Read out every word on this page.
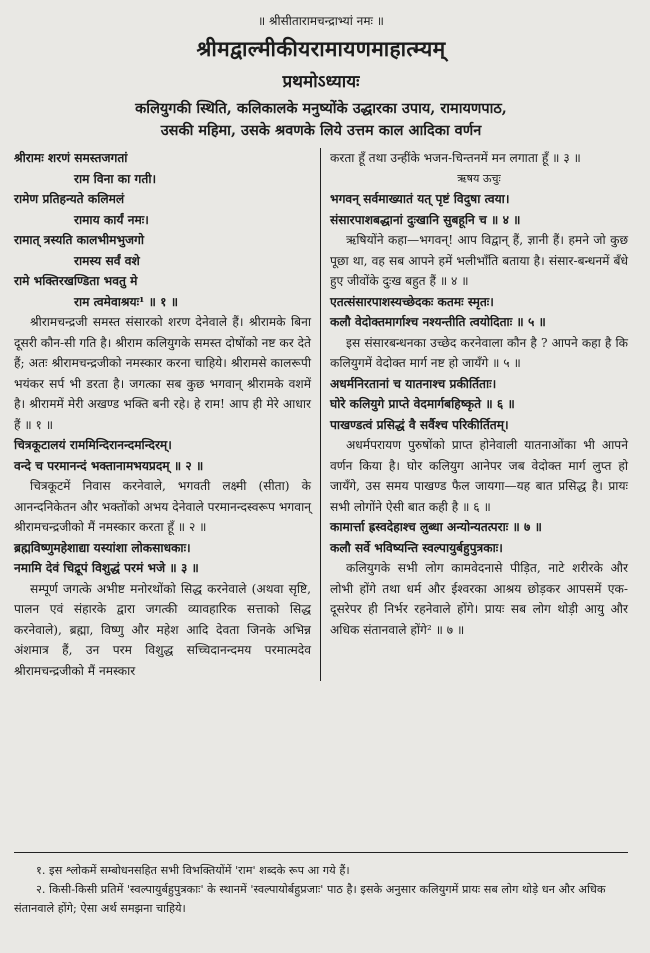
॥ श्रीसीतारामचन्द्राभ्यां नमः ॥
श्रीमद्वाल्मीकीयरामायणमाहात्म्यम्
प्रथमोऽध्यायः
कलियुगकी स्थिति, कलिकालके मनुष्योंके उद्धारका उपाय, रामायणपाठ,
उसकी महिमा, उसके श्रवणके लिये उत्तम काल आदिका वर्णन
श्रीरामः शरणं समस्तजगतां
राम विना का गती।
रामेण प्रतिहन्यते कलिमलं
रामाय कार्यं नमः।
रामात् त्रस्यति कालभीमभुजगो
रामस्य सर्वं वशे
रामे भक्तिरखण्डिता भवतु मे
राम त्वमेवाश्रयः¹ ॥ १ ॥

श्रीरामचन्द्रजी समस्त संसारको शरण देनेवाले हैं। श्रीरामके बिना दूसरी कौन-सी गति है। श्रीराम कलियुगके समस्त दोषोंको नष्ट कर देते हैं; अतः श्रीरामचन्द्रजीको नमस्कार करना चाहिये। श्रीरामसे कालरूपी भयंकर सर्प भी डरता है। जगत्का सब कुछ भगवान् श्रीरामके वशमें है। श्रीराममें मेरी अखण्ड भक्ति बनी रहे। हे राम! आप ही मेरे आधार हैं ॥ १ ॥

चित्रकूटालयं राममिन्दिरानन्दमन्दिरम्।
वन्दे च परमानन्दं भक्तानामभयप्रदम् ॥ २ ॥

चित्रकूटमें निवास करनेवाले, भगवती लक्ष्मी (सीता) के आनन्दनिकेतन और भक्तोंको अभय देनेवाले परमानन्दस्वरूप भगवान् श्रीरामचन्द्रजीको मैं नमस्कार करता हूँ ॥ २ ॥

ब्रह्मविष्णुमहेशाद्या यस्यांशा लोकसाधकाः।
नमामि देवं चिद्रूपं विशुद्धं परमं भजे ॥ ३ ॥

सम्पूर्ण जगत्के अभीष्ट मनोरथोंको सिद्ध करनेवाले (अथवा सृष्टि, पालन एवं संहारके द्वारा जगत्की व्यावहारिक सत्ताको सिद्ध करनेवाले), ब्रह्मा, विष्णु और महेश आदि देवता जिनके अभिन्न अंशमात्र हैं, उन परम विशुद्ध सच्चिदानन्दमय परमात्मदेव श्रीरामचन्द्रजीको मैं नमस्कार

करता हूँ तथा उन्हींके भजन-चिन्तनमें मन लगाता हूँ ॥ ३ ॥

ऋषय ऊचुः
भगवन् सर्वमाख्यातं यत् पृष्टं विदुषा त्वया।
संसारपाशबद्धानां दुःखानि सुबहूनि च ॥ ४ ॥

ऋषियोंने कहा—भगवन्! आप विद्वान् हैं, ज्ञानी हैं। हमने जो कुछ पूछा था, वह सब आपने हमें भलीभाँति बताया है। संसार-बन्धनमें बँधे हुए जीवोंके दुःख बहुत हैं ॥ ४ ॥

एतत्संसारपाशस्यच्छेदकः कतमः स्मृतः।
कलौ वेदोक्तमार्गाश्च नश्यन्तीति त्वयोदिताः ॥ ५ ॥

इस संसारबन्धनका उच्छेद करनेवाला कौन है ? आपने कहा है कि कलियुगमें वेदोक्त मार्ग नष्ट हो जायँगे ॥ ५ ॥

अधर्मनिरतानां च यातनाश्च प्रकीर्तिताः।
घोरे कलियुगे प्राप्ते वेदमार्गबहिष्कृते ॥ ६ ॥
पाखण्डत्वं प्रसिद्धं वै सर्वैश्च परिकीर्तितम्।

अधर्मपरायण पुरुषोंको प्राप्त होनेवाली यातनाओंका भी आपने वर्णन किया है। घोर कलियुग आनेपर जब वेदोक्त मार्ग लुप्त हो जायँगे, उस समय पाखण्ड फैल जायगा—यह बात प्रसिद्ध है। प्रायः सभी लोगोंने ऐसी बात कही है ॥ ६ ॥

कामार्त्ता ह्रस्वदेहाश्च लुब्धा अन्योन्यतत्पराः ॥ ७ ॥
कलौ सर्वे भविष्यन्ति स्वल्पायुर्बहुपुत्रकाः।

कलियुगके सभी लोग कामवेदनासे पीड़ित, नाटे शरीरके और लोभी होंगे तथा धर्म और ईश्वरका आश्रय छोड़कर आपसमें एक-दूसरेपर ही निर्भर रहनेवाले होंगे। प्रायः सब लोग थोड़ी आयु और अधिक संतानवाले होंगे² ॥ ७ ॥

१. इस श्लोकमें सम्बोधनसहित सभी विभक्तियोंमें 'राम' शब्दके रूप आ गये हैं।

२. किसी-किसी प्रतिमें 'स्वल्पायुर्बहुपुत्रकाः' के स्थानमें 'स्वल्पायोर्बहुप्रजाः' पाठ है। इसके अनुसार कलियुगमें प्रायः सब लोग थोड़े धन और अधिक संतानवाले होंगे; ऐसा अर्थ समझना चाहिये।
